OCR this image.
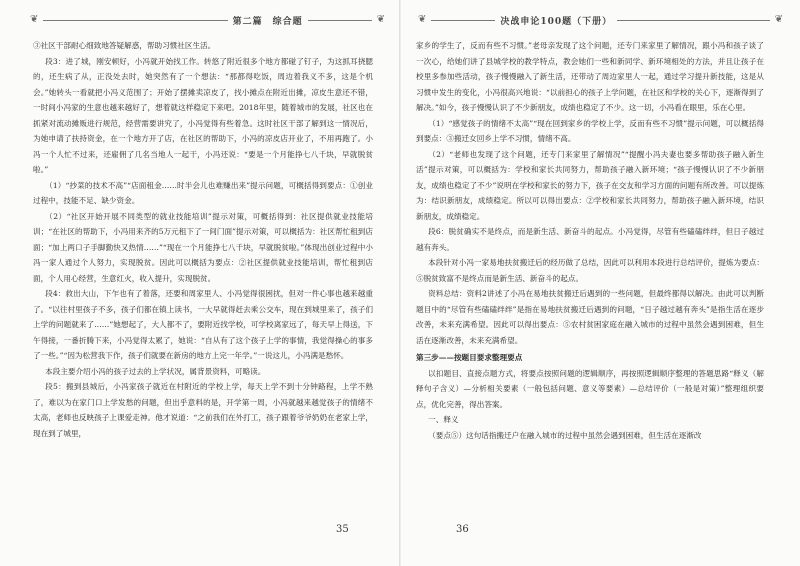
❦	第二篇　综合题	❦

③社区干部耐心细致地答疑解惑，帮助习惯社区生活。

段3：进了城，刚安顿好，小冯就开始找工作。转悠了附近很多个地方都碰了钉子，为这抓耳挠腮的，还生病了从，正没处去时，她突然有了一个想法：“那都得吃饭，周边着我义不多，这是个机会。”她转头一看就把小冯义范围了；开始了摆摊卖凉皮了，找小摊点在附近出摊，凉皮生意还不错，一时间小冯家的生意也越来越好了，想着就这样稳定下来吧。2018年里，随着城市的发展，社区也在抓紧对流动摊贩进行规范，经营需要讲究了，小冯觉得有些着急。这时社区干部了解到这一情况后，为她申请了扶持资金，在一个地方开了店，在社区的帮助下，小冯的凉皮店开业了，不用再跑了。小冯一个人忙不过来，还雇佣了几名当地人一起干，小冯还说：“要是一个月能挣七八千块，早就脱贫啦。”

（1）“抄菜的技术不高”“店面租金……时半会儿也难赚出来”提示问题，可概括得到要点：①创业过程中，技能不足、缺少资金。

（2）“社区开始开展不同类型的就业技能培训”提示对策，可概括得到：社区提供就业技能培训；“在社区的帮助下，小冯用来齐的5万元租下了一间门面”提示对策，可以概括为：社区帮忙租到店面；“加上两口子手脚勤快又热情……”“现在一个月能挣七八千块，早就脱贫啦。”体现出创业过程中小冯一家人通过个人努力，实现脱贫。因此可以概括为要点：②社区提供就业技能培训，帮忙租到店面，个人用心经营，生意红火，收入提升，实现脱贫。

段4：救出大山，下乍也有了着落，还要和周家里人、小冯觉得很困扰，但对一件心事也越来越重了。“以往村里孩子不多，孩子们都在镇上读书，一大早就得赶去乘公交车，现在到城里来了，孩子们上学的问题就来了……”她想起了，大人都不了，要附近找学校，可学校离家远了，每天早上得送，下午得接，一番折腾下来，小冯觉得太累了，她说：“自从有了这个孩子上学的事情，我觉得操心的事多了一些。”“因为松营我下作，孩子们就要在新房的地方上完一年学。”一说这儿，小冯满是愁怀。

本段主要介绍小冯的孩子过去的上学状况，属背景资料，可略读。

段5：搬到县城后，小冯家孩子就近在村附近的学校上学，每天上学不到十分钟路程，上学不熟了，难以为在家门口上学发愁的问题，但出乎意料的是，开学第一周，小冯就越来越觉孩子的情绪不太高，老师也反映孩子上课爱走神。他才说道：“之前我们在外打工，孩子跟着爷爷奶奶在老家上学，现在到了城里，

35
❦	决战申论100题（下册）	❦

家乡的学生了，反而有些不习惯。”老母亲发现了这个问题，还专门来家里了解情况，跟小冯和孩子谈了一次心，给她们讲了县城学校的教学特点，教会她们一些和新同学、新环境相处的方法，并且让孩子在校里多参加些活动，孩子慢慢融入了新生活，还带动了周边家里人一起，通过学习提升新技能，这是从习惯中发生的变化，小冯很高兴地说：“以前担心的孩子上学问题，在社区和学校的关心下，逐渐得到了解决。”如今，孩子慢慢认识了不少新朋友，成绩也稳定了不少。这一切，小冯看在眼里，乐在心里。

（1）“感觉孩子的情绪不太高”“现在回到家乡的学校上学，反而有些不习惯”提示问题，可以概括得到要点：③搬迁女回乡上学不习惯，情绪不高。

（2）“老师也发现了这个问题，还专门来家里了解情况”“提醒小冯夫妻也要多帮助孩子融入新生活”提示对策，可以概括为：学校和家长共同努力，帮助孩子融入新环境；“孩子慢慢认识了不少新朋友，成绩也稳定了不少”说明在学校和家长的努力下，孩子在交友和学习方面的问题有所改善。可以提炼为：结识新朋友，成绩稳定。所以可以得出要点：②学校和家长共同努力，帮助孩子融入新环境，结识新朋友，成绩稳定。

段6：脱贫确实不是终点，而是新生活、新奋斗的起点。小冯觉得，尽管有些磕磕绊绊，但日子越过越有奔头。

本段针对小冯一家易地扶贫搬迁后的经历做了总结，因此可以利用本段进行总结评价，提炼为要点：⑤脱贫致富不是终点而是新生活、新奋斗的起点。

资料总结：资料2讲述了小冯在易地扶贫搬迁后遇到的一些问题，但最终都得以解决。由此可以判断题目中的“尽管有些磕磕绊绊”是指在易地扶贫搬迁后遇到的问题，“日子越过越有奔头”是指生活在逐步改善，未来充满希望。因此可以得出要点：⑤农村贫困家庭在融入城市的过程中虽然会遇到困难，但生活在逐渐改善，未来充满希望。

第三步——按题目要求整理要点

以扣题目、直接点题方式，将要点按照问题的逻辑顺序，再按照逻辑顺序整理的答题思路“释义（解释句子含义）—分析相关要素（一般包括问题、意义等要素）—总结评价（一般是对策）”整理组织要点，优化完善，得出答案。

一、释义

（要点⑤）这句话指搬迁户在融入城市的过程中虽然会遇到困难，但生活在逐渐改

36
